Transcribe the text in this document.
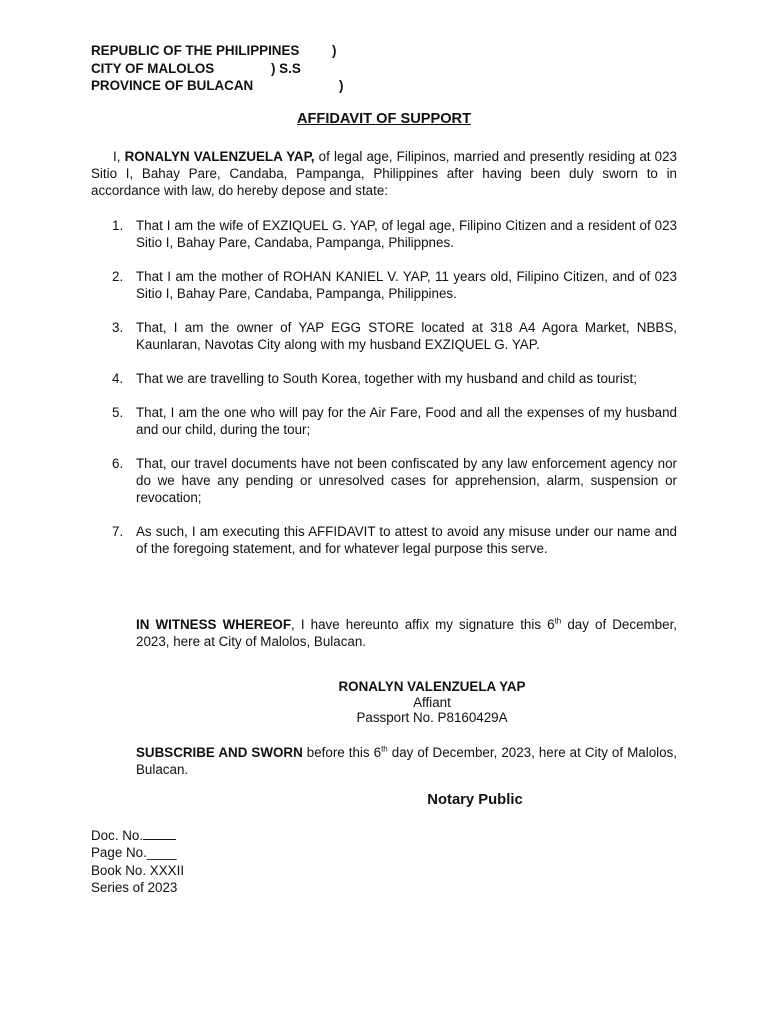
REPUBLIC OF THE PHILIPPINES )
CITY OF MALOLOS	) S.S
PROVINCE OF BULACAN	)
AFFIDAVIT OF SUPPORT

I, RONALYN VALENZUELA YAP, of legal age, Filipinos, married and presently residing at 023 Sitio I, Bahay Pare, Candaba, Pampanga, Philippines after having been duly sworn to in accordance with law, do hereby depose and state:

1. That I am the wife of EXZIQUEL G. YAP, of legal age, Filipino Citizen and a resident of 023 Sitio I, Bahay Pare, Candaba, Pampanga, Philippnes.
2. That I am the mother of ROHAN KANIEL V. YAP, 11 years old, Filipino Citizen, and of 023 Sitio I, Bahay Pare, Candaba, Pampanga, Philippines.
3. That, I am the owner of YAP EGG STORE located at 318 A4 Agora Market, NBBS, Kaunlaran, Navotas City along with my husband EXZIQUEL G. YAP.
4. That we are travelling to South Korea, together with my husband and child as tourist;
5. That, I am the one who will pay for the Air Fare, Food and all the expenses of my husband and our child, during the tour;
6. That, our travel documents have not been confiscated by any law enforcement agency nor do we have any pending or unresolved cases for apprehension, alarm, suspension or revocation;
7. As such, I am executing this AFFIDAVIT to attest to avoid any misuse under our name and of the foregoing statement, and for whatever legal purpose this serve.

IN WITNESS WHEREOF, I have hereunto affix my signature this 6th day of December, 2023, here at City of Malolos, Bulacan.

RONALYN VALENZUELA YAP
Affiant
Passport No. P8160429A

SUBSCRIBE AND SWORN before this 6th day of December, 2023, here at City of Malolos, Bulacan.

Notary Public
Doc. No.
Page No.____
Book No. XXXII
Series of 2023
